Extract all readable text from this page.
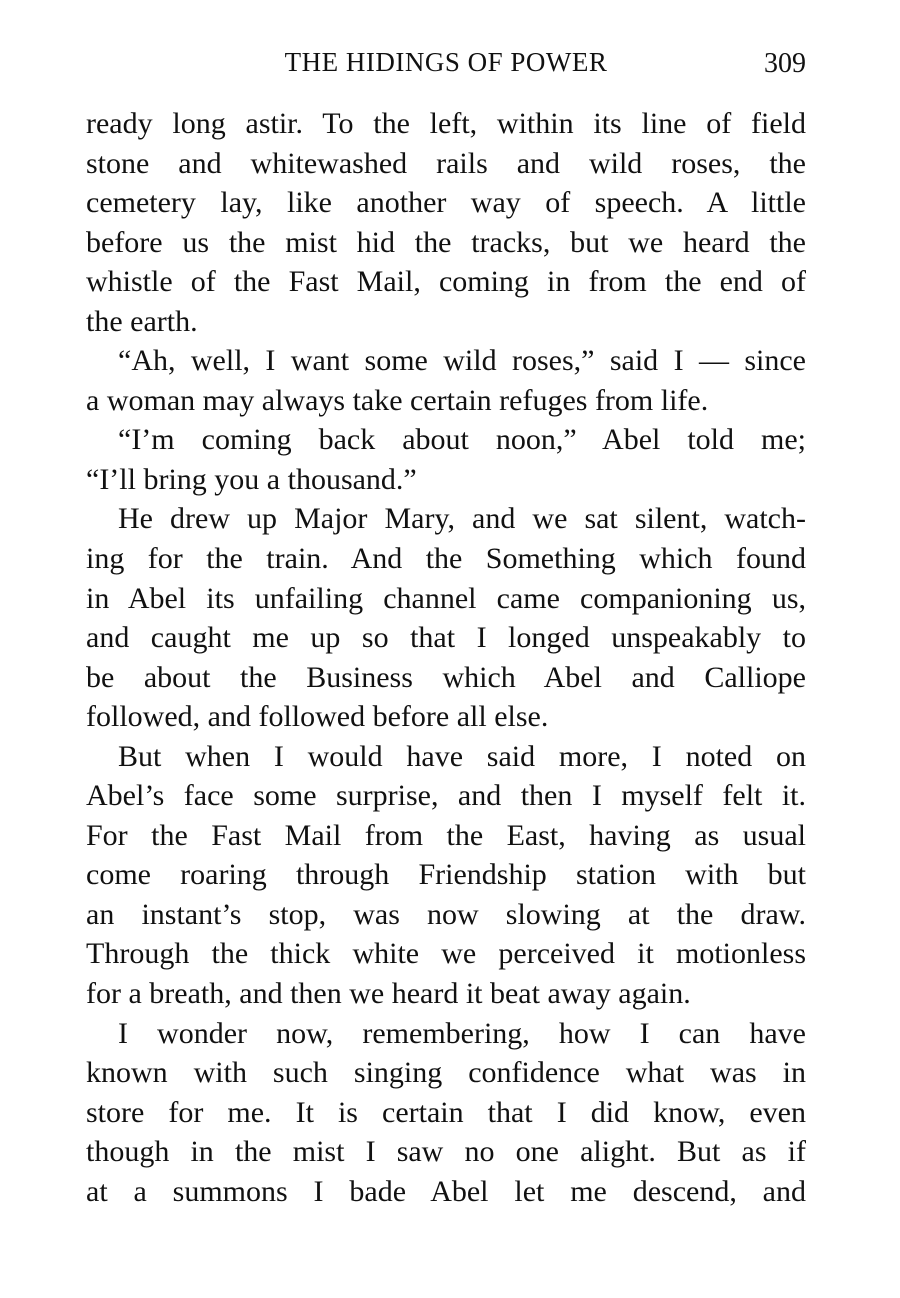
THE HIDINGS OF POWER	309
ready long astir. To the left, within its line of field
stone and whitewashed rails and wild roses, the
cemetery lay, like another way of speech. A little
before us the mist hid the tracks, but we heard the
whistle of the Fast Mail, coming in from the end of
the earth.
“Ah, well, I want some wild roses,” said I — since
a woman may always take certain refuges from life.
“I’m coming back about noon,” Abel told me;
“I’ll bring you a thousand.”
He drew up Major Mary, and we sat silent, watch-
ing for the train. And the Something which found
in Abel its unfailing channel came companioning us,
and caught me up so that I longed unspeakably to
be about the Business which Abel and Calliope
followed, and followed before all else.
But when I would have said more, I noted on
Abel’s face some surprise, and then I myself felt it.
For the Fast Mail from the East, having as usual
come roaring through Friendship station with but
an instant’s stop, was now slowing at the draw.
Through the thick white we perceived it motionless
for a breath, and then we heard it beat away again.
I wonder now, remembering, how I can have
known with such singing confidence what was in
store for me. It is certain that I did know, even
though in the mist I saw no one alight. But as if
at a summons I bade Abel let me descend, and
